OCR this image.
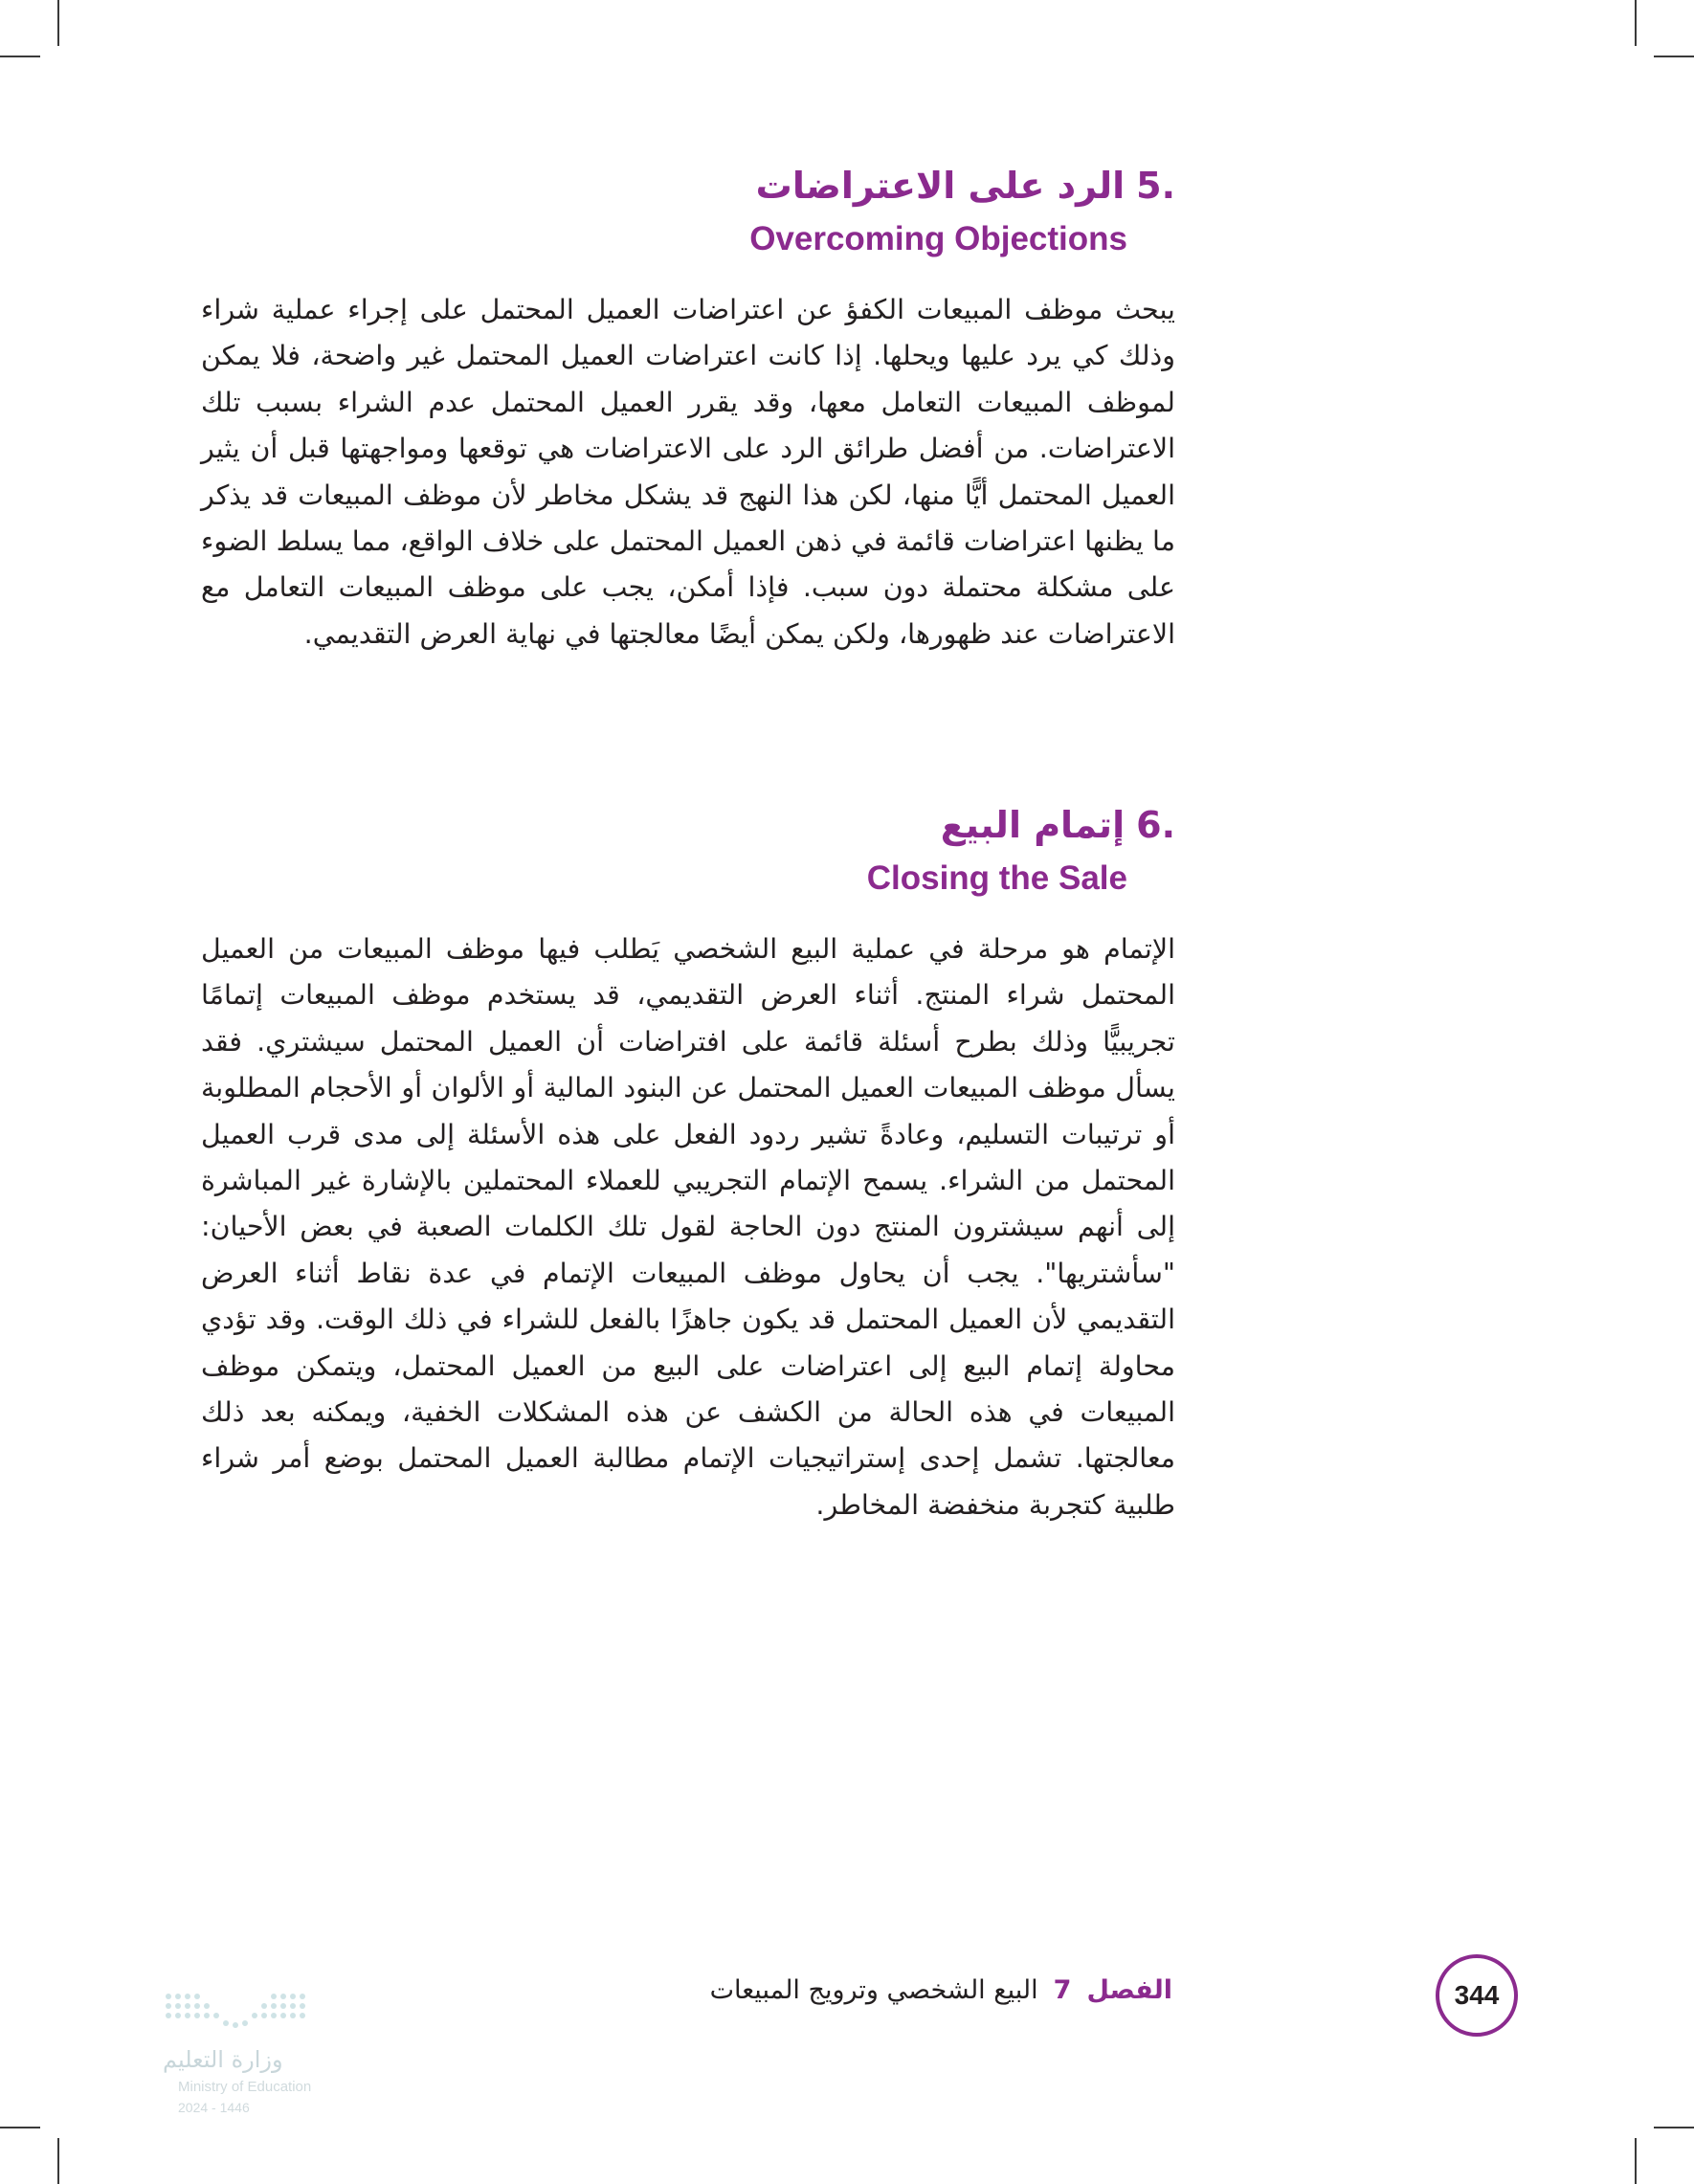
.5الرد على الاعتراضات
Overcoming Objections

يبحث موظف المبيعات الكفؤ عن اعتراضات العميل المحتمل على إجراء عملية شراء وذلك كي يرد عليها ويحلها. إذا كانت اعتراضات العميل المحتمل غير واضحة، فلا يمكن لموظف المبيعات التعامل معها، وقد يقرر العميل المحتمل عدم الشراء بسبب تلك الاعتراضات. من أفضل طرائق الرد على الاعتراضات هي توقعها ومواجهتها قبل أن يثير العميل المحتمل أيًّا منها، لكن هذا النهج قد يشكل مخاطر لأن موظف المبيعات قد يذكر ما يظنها اعتراضات قائمة في ذهن العميل المحتمل على خلاف الواقع، مما يسلط الضوء على مشكلة محتملة دون سبب. فإذا أمكن، يجب على موظف المبيعات التعامل مع الاعتراضات عند ظهورها، ولكن يمكن أيضًا معالجتها في نهاية العرض التقديمي.

.6إتمام البيع
Closing the Sale

الإتمام هو مرحلة في عملية البيع الشخصي يَطلب فيها موظف المبيعات من العميل المحتمل شراء المنتج. أثناء العرض التقديمي، قد يستخدم موظف المبيعات إتمامًا تجريبيًّا وذلك بطرح أسئلة قائمة على افتراضات أن العميل المحتمل سيشتري. فقد يسأل موظف المبيعات العميل المحتمل عن البنود المالية أو الألوان أو الأحجام المطلوبة أو ترتيبات التسليم، وعادةً تشير ردود الفعل على هذه الأسئلة إلى مدى قرب العميل المحتمل من الشراء. يسمح الإتمام التجريبي للعملاء المحتملين بالإشارة غير المباشرة إلى أنهم سيشترون المنتج دون الحاجة لقول تلك الكلمات الصعبة في بعض الأحيان: "سأشتريها". يجب أن يحاول موظف المبيعات الإتمام في عدة نقاط أثناء العرض التقديمي لأن العميل المحتمل قد يكون جاهزًا بالفعل للشراء في ذلك الوقت. وقد تؤدي محاولة إتمام البيع إلى اعتراضات على البيع من العميل المحتمل، ويتمكن موظف المبيعات في هذه الحالة من الكشف عن هذه المشكلات الخفية، ويمكنه بعد ذلك معالجتها. تشمل إحدى إستراتيجيات الإتمام مطالبة العميل المحتمل بوضع أمر شراء طلبية كتجربة منخفضة المخاطر.

344
الفصل7البيع الشخصي وترويج المبيعات
وزارة التعليم
Ministry of Education
2024 - 1446
